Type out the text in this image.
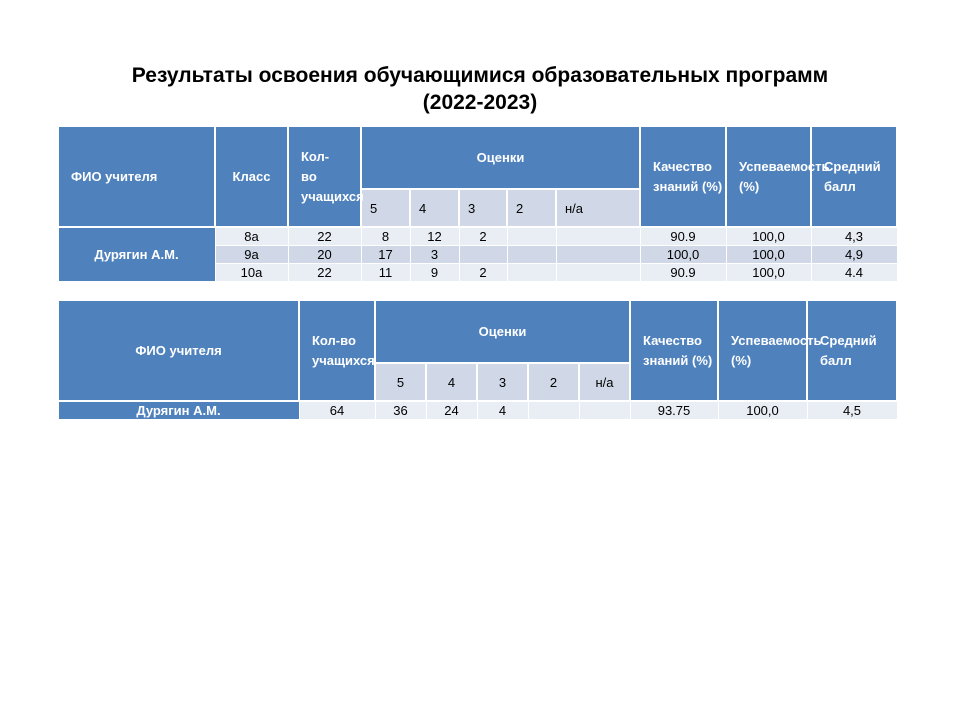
Результаты освоения обучающимися образовательных программ
(2022-2023)
ФИО учителя	Класс	Кол-во учащихся	Оценки					Качество знаний (%)	Успеваемость (%)	Средний балл
			5	4	3	2	н/а			
Дурягин А.М.	8а	22	8	12	2			90.9	100,0	4,3
	9а	20	17	3				100,0	100,0	4,9
	10а	22	11	9	2			90.9	100,0	4.4
ФИО учителя	Кол-во учащихся	Оценки					Качество знаний (%)	Успеваемость (%)	Средний балл
		5	4	3	2	н/а			
Дурягин А.М.	64	36	24	4			93.75	100,0	4,5
